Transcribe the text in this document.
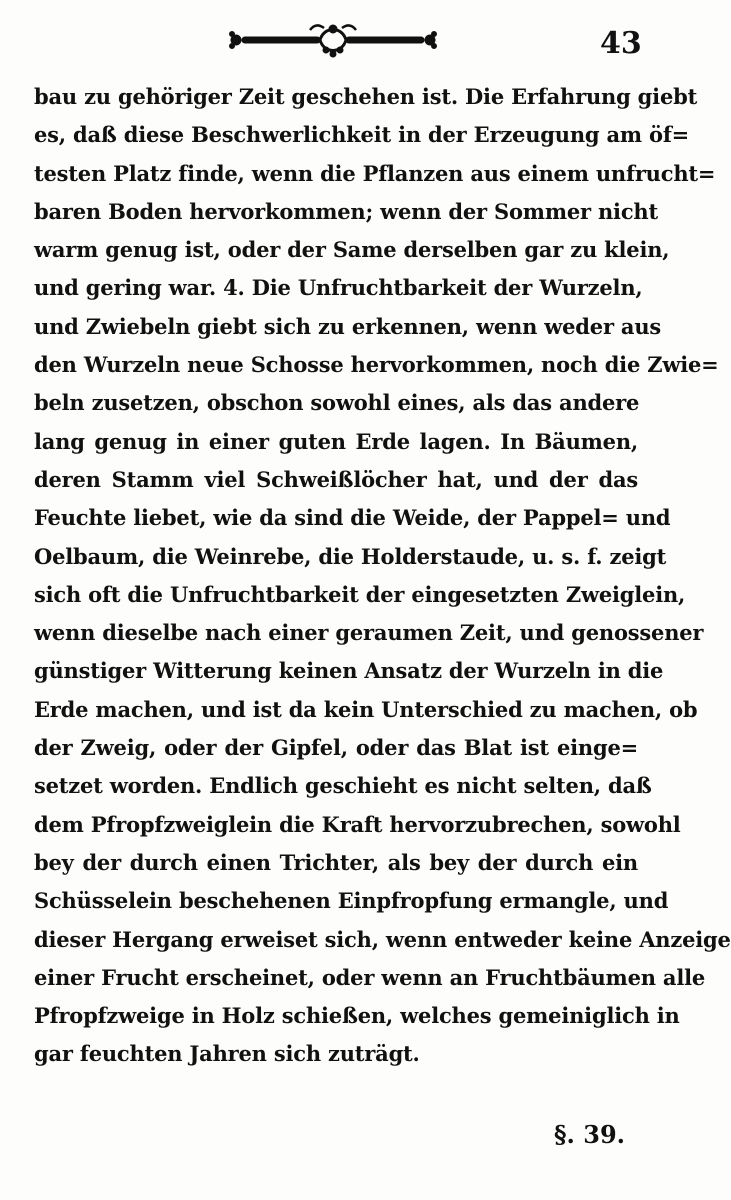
43
bau zu gehöriger Zeit geschehen ist. Die Erfahrung giebt
es, daß diese Beschwerlichkeit in der Erzeugung am öf=
testen Platz finde, wenn die Pflanzen aus einem unfrucht=
baren Boden hervorkommen; wenn der Sommer nicht
warm genug ist, oder der Same derselben gar zu klein,
und gering war. 4. Die Unfruchtbarkeit der Wurzeln,
und Zwiebeln giebt sich zu erkennen, wenn weder aus
den Wurzeln neue Schosse hervorkommen, noch die Zwie=
beln zusetzen, obschon sowohl eines, als das andere
lang genug in einer guten Erde lagen. In Bäumen,
deren Stamm viel Schweißlöcher hat, und der das
Feuchte liebet, wie da sind die Weide, der Pappel= und
Oelbaum, die Weinrebe, die Holderstaude, u. s. f. zeigt
sich oft die Unfruchtbarkeit der eingesetzten Zweiglein,
wenn dieselbe nach einer geraumen Zeit, und genossener
günstiger Witterung keinen Ansatz der Wurzeln in die
Erde machen, und ist da kein Unterschied zu machen, ob
der Zweig, oder der Gipfel, oder das Blat ist einge=
setzet worden. Endlich geschieht es nicht selten, daß
dem Pfropfzweiglein die Kraft hervorzubrechen, sowohl
bey der durch einen Trichter, als bey der durch ein
Schüsselein beschehenen Einpfropfung ermangle, und
dieser Hergang erweiset sich, wenn entweder keine Anzeige
einer Frucht erscheinet, oder wenn an Fruchtbäumen alle
Pfropfzweige in Holz schießen, welches gemeiniglich in
gar feuchten Jahren sich zuträgt.
§. 39.
